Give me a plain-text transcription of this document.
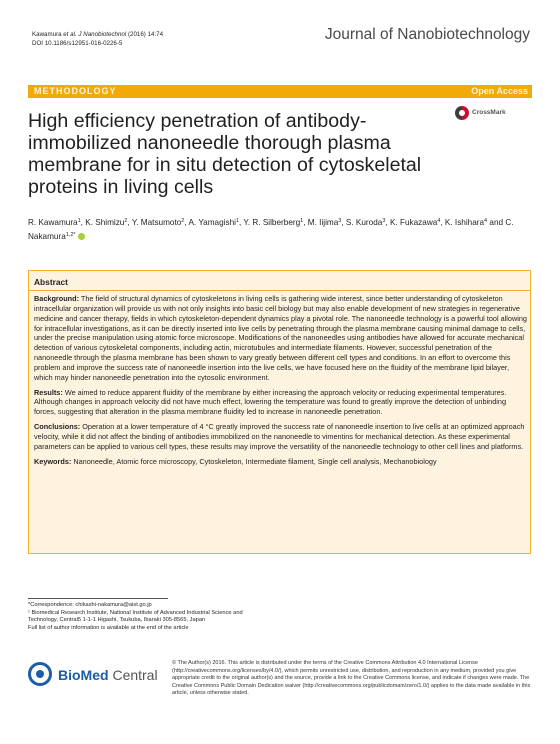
Kawamura et al. J Nanobiotechnol (2016) 14:74
DOI 10.1186/s12951-016-0226-5
Journal of Nanobiotechnology
METHODOLOGY	Open Access
CrossMark
High efficiency penetration of antibody-immobilized nanoneedle thorough plasma membrane for in situ detection of cytoskeletal proteins in living cells
R. Kawamura$^1$, K. Shimizu$^2$, Y. Matsumoto$^2$, A. Yamagishi$^1$, Y. R. Silberberg$^1$, M. Iijima$^3$, S. Kuroda$^3$, K. Fukazawa$^4$, K. Ishihara$^4$ and C. Nakamura$^{1,2*}$
Abstract

Background: The field of structural dynamics of cytoskeletons in living cells is gathering wide interest, since better understanding of cytoskeleton intracellular organization will provide us with not only insights into basic cell biology but may also enable development of new strategies in regenerative medicine and cancer therapy, fields in which cytoskeleton-dependent dynamics play a pivotal role. The nanoneedle technology is a powerful tool allowing for intracellular investigations, as it can be directly inserted into live cells by penetrating through the plasma membrane causing minimal damage to cells, under the precise manipulation using atomic force microscope. Modifications of the nanoneedles using antibodies have allowed for accurate mechanical detection of various cytoskeletal components, including actin, microtubules and intermediate filaments. However, successful penetration of the nanoneedle through the plasma membrane has been shown to vary greatly between different cell types and conditions. In an effort to overcome this problem and improve the success rate of nanoneedle insertion into the live cells, we have focused here on the fluidity of the membrane lipid bilayer, which may hinder nanoneedle penetration into the cytosolic environment.

Results: We aimed to reduce apparent fluidity of the membrane by either increasing the approach velocity or reducing experimental temperatures. Although changes in approach velocity did not have much effect, lowering the temperature was found to greatly improve the detection of unbinding forces, suggesting that alteration in the plasma membrane fluidity led to increase in nanoneedle penetration.

Conclusions: Operation at a lower temperature of 4 °C greatly improved the success rate of nanoneedle insertion to live cells at an optimized approach velocity, while it did not affect the binding of antibodies immobilized on the nanoneedle to vimentins for mechanical detection. As these experimental parameters can be applied to various cell types, these results may improve the versatility of the nanoneedle technology to other cell lines and platforms.

Keywords: Nanoneedle, Atomic force microscopy, Cytoskeleton, Intermediate filament, Single cell analysis, Mechanobiology

*Correspondence: chikashi-nakamura@aist.go.jp
¹ Biomedical Research Institute, National Institute of Advanced Industrial Science and Technology, Central5 1-1-1 Higashi, Tsukuba, Ibaraki 305-8565, Japan
Full list of author information is available at the end of the article
BioMed Central
© The Author(s) 2016. This article is distributed under the terms of the Creative Commons Attribution 4.0 International License (http://creativecommons.org/licenses/by/4.0/), which permits unrestricted use, distribution, and reproduction in any medium, provided you give appropriate credit to the original author(s) and the source, provide a link to the Creative Commons license, and indicate if changes were made. The Creative Commons Public Domain Dedication waiver (http://creativecommons.org/publicdomain/zero/1.0/) applies to the data made available in this article, unless otherwise stated.
